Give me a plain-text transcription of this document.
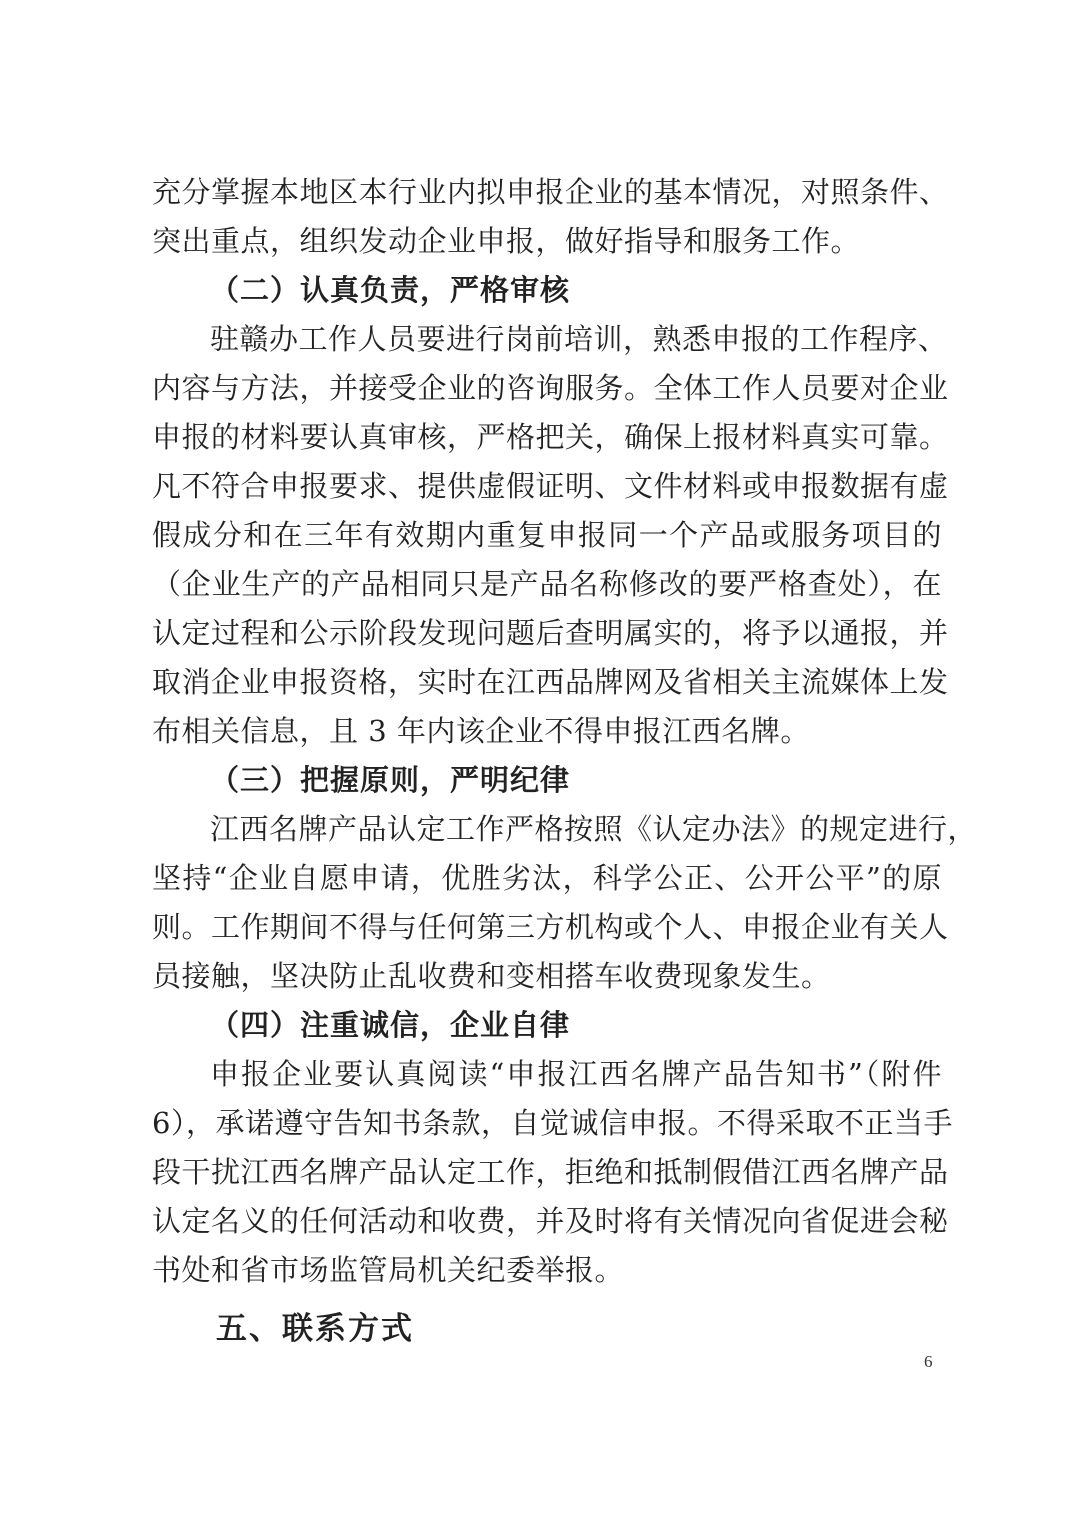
充分掌握本地区本行业内拟申报企业的基本情况，对照条件、
突出重点，组织发动企业申报，做好指导和服务工作。
（二）认真负责，严格审核
驻赣办工作人员要进行岗前培训，熟悉申报的工作程序、
内容与方法，并接受企业的咨询服务。全体工作人员要对企业
申报的材料要认真审核，严格把关，确保上报材料真实可靠。
凡不符合申报要求、提供虚假证明、文件材料或申报数据有虚
假成分和在三年有效期内重复申报同一个产品或服务项目的
（企业生产的产品相同只是产品名称修改的要严格查处），在
认定过程和公示阶段发现问题后查明属实的，将予以通报，并
取消企业申报资格，实时在江西品牌网及省相关主流媒体上发
布相关信息，且 3 年内该企业不得申报江西名牌。
（三）把握原则，严明纪律
江西名牌产品认定工作严格按照《认定办法》的规定进行，
坚持“企业自愿申请，优胜劣汰，科学公正、公开公平”的原
则。工作期间不得与任何第三方机构或个人、申报企业有关人
员接触，坚决防止乱收费和变相搭车收费现象发生。
（四）注重诚信，企业自律
申报企业要认真阅读“申报江西名牌产品告知书”（附件
6），承诺遵守告知书条款，自觉诚信申报。不得采取不正当手
段干扰江西名牌产品认定工作，拒绝和抵制假借江西名牌产品
认定名义的任何活动和收费，并及时将有关情况向省促进会秘
书处和省市场监管局机关纪委举报。
五、联系方式
6
